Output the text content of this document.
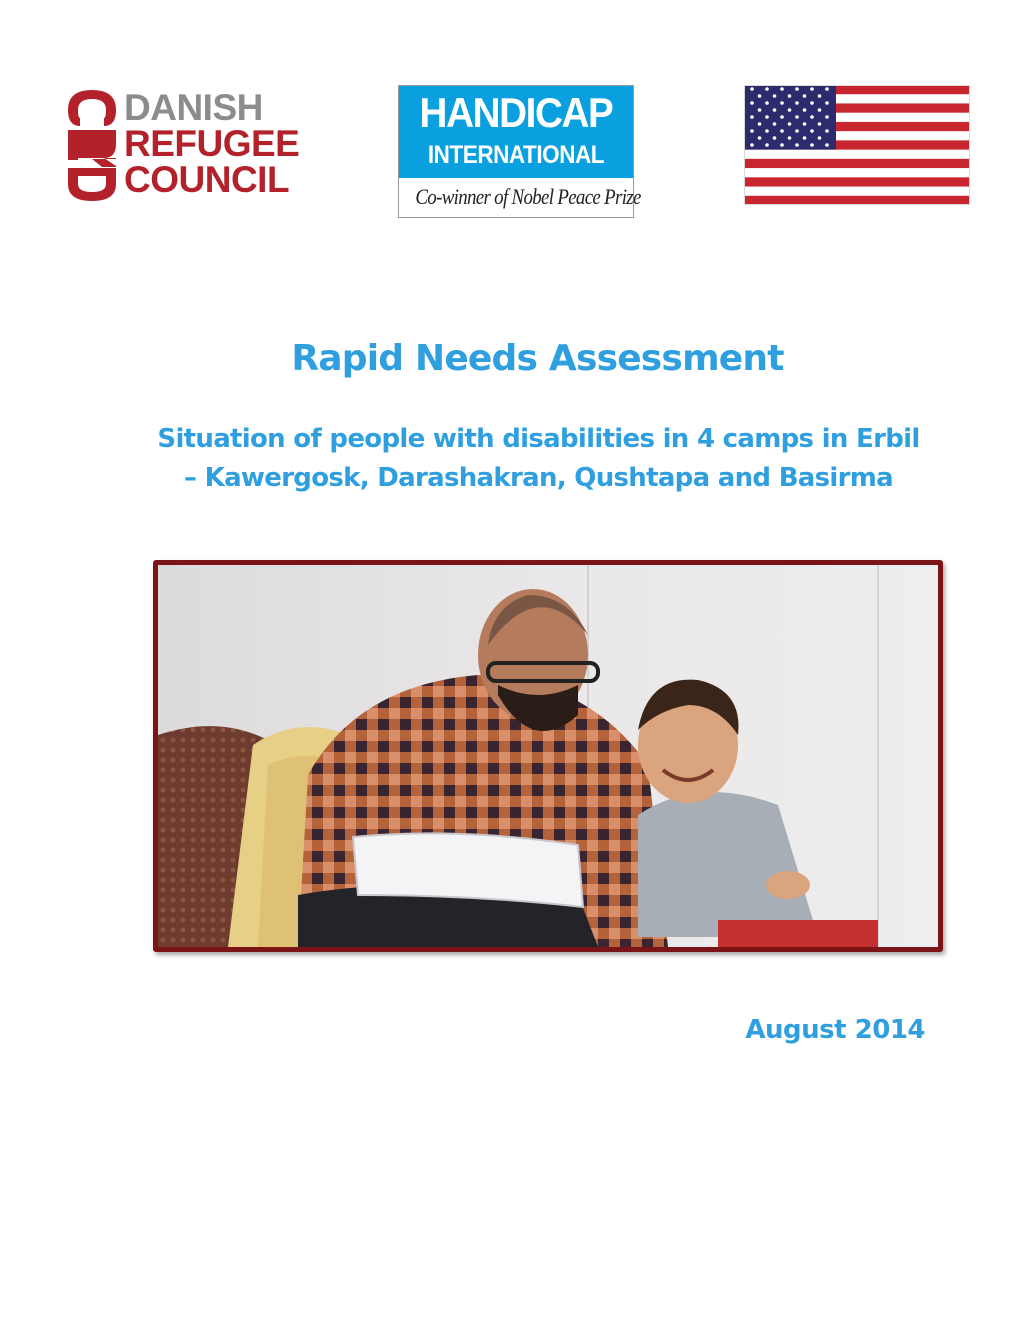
DANISH
REFUGEE
COUNCIL
HANDICAP
INTERNATIONAL
Co-winner of Nobel Peace Prize
Rapid Needs Assessment
Situation of people with disabilities in 4 camps in Erbil
– Kawergosk, Darashakran, Qushtapa and Basirma
August 2014
